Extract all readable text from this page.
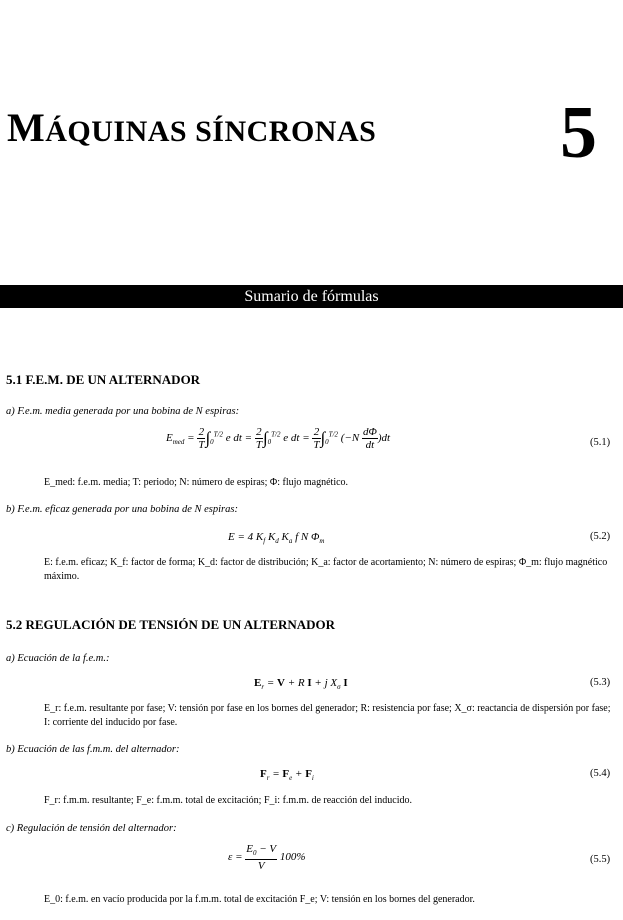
MÁQUINAS SÍNCRONAS 5
Sumario de fórmulas
5.1 F.E.M. DE UN ALTERNADOR
a) F.e.m. media generada por una bobina de N espiras:
$E_{med} = \frac{2}{T} \int_0^{T/2}$ e dt = $\frac{2}{T} \int_0^{T/2}$ e dt = $\frac{2}{T} \int_0^{T/2}$ $(-N \frac{d\Phi}{dt} )dt$	(5.1)
E_med: f.e.m. media; T: periodo; N: número de espiras; Φ: flujo magnético.
b) F.e.m. eficaz generada por una bobina de N espiras:
E = 4 $K_f$ $K_d$ $K_a$ f N $\Phi_m$	(5.2)
E: f.e.m. eficaz; K_f: factor de forma; K_d: factor de distribución; K_a: factor de acortamiento; N: número de espiras; Φ_m: flujo magnético máximo.
5.2 REGULACIÓN DE TENSIÓN DE UN ALTERNADOR
a) Ecuación de la f.e.m.:
$E_r = V + R$ I + j $X_\sigma$ I	(5.3)
E_r: f.e.m. resultante por fase; V: tensión por fase en los bornes del generador; R: resistencia por fase; X_σ: reactancia de dispersión por fase; I: corriente del inducido por fase.
b) Ecuación de las f.m.m. del alternador:
$F_r = F_e + F_i$	(5.4)
F_r: f.m.m. resultante; F_e: f.m.m. total de excitación; F_i: f.m.m. de reacción del inducido.
c) Regulación de tensión del alternador:
$\varepsilon = \frac{E_0 - V}{V} 100\%$	(5.5)
E_0: f.e.m. en vacío producida por la f.m.m. total de excitación F_e; V: tensión en los bornes del generador.
